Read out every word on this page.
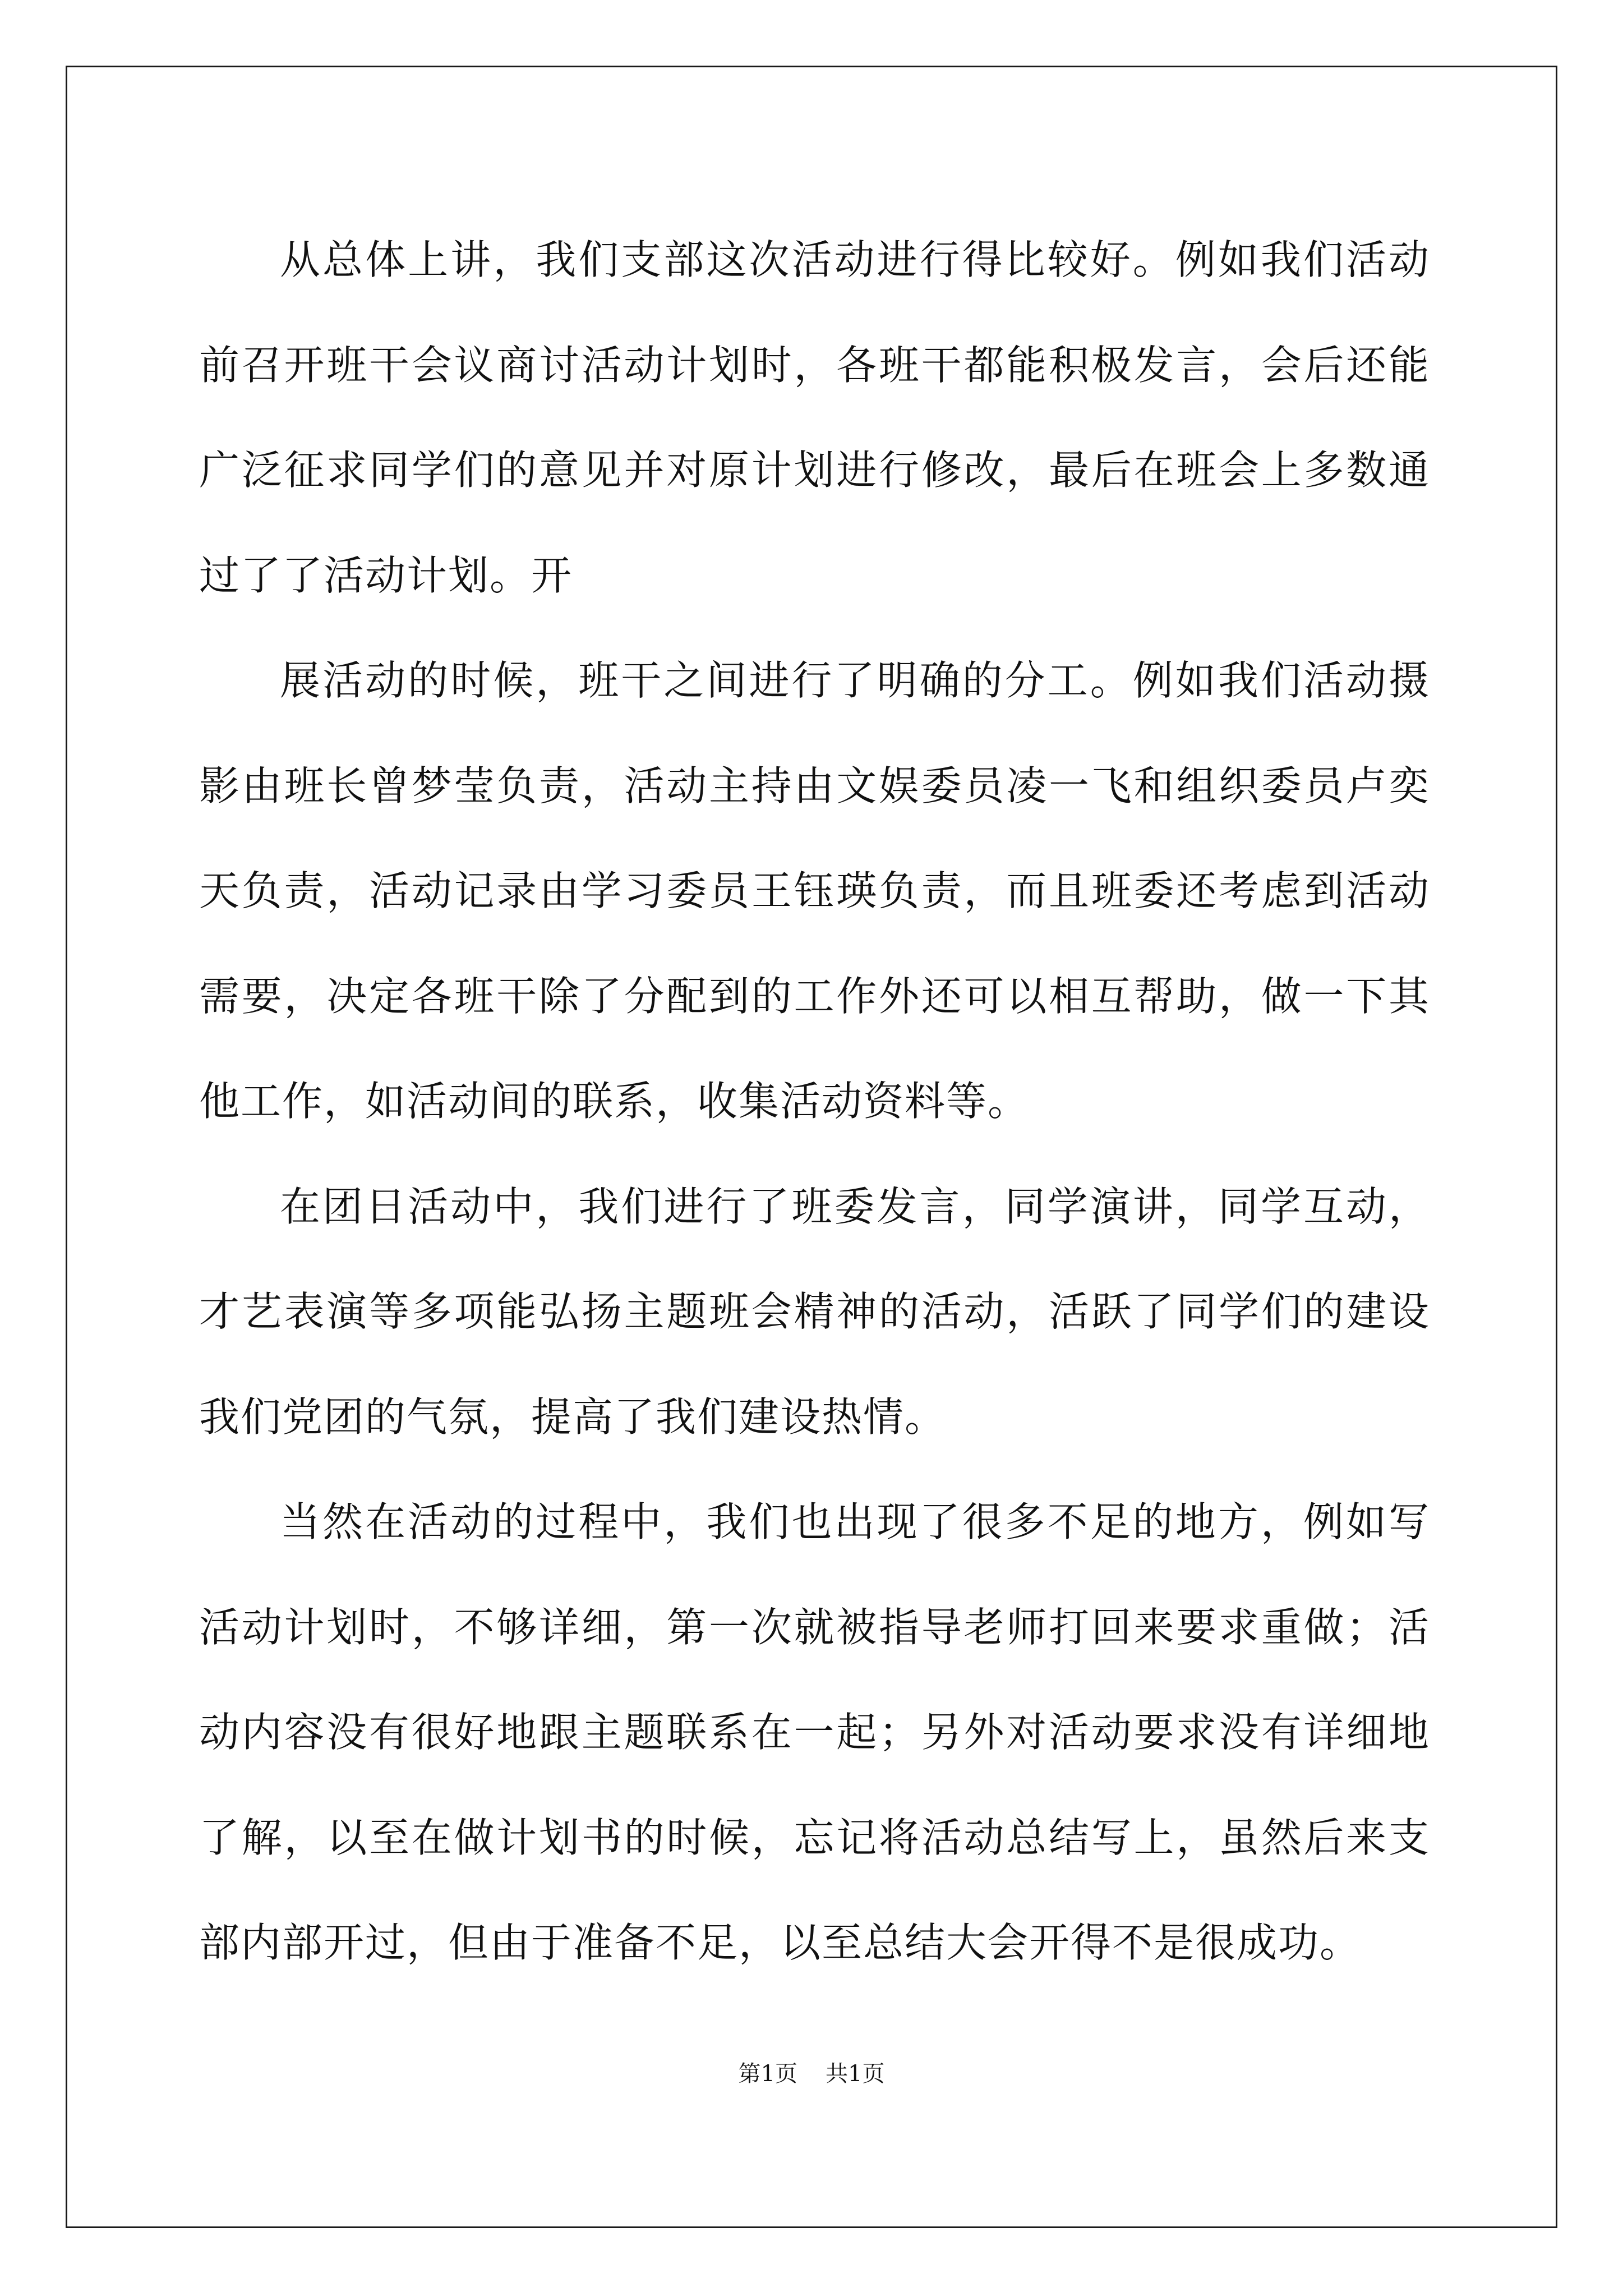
从总体上讲，我们支部这次活动进行得比较好。例如我们活动前召开班干会议商讨活动计划时，各班干都能积极发言，会后还能广泛征求同学们的意见并对原计划进行修改，最后在班会上多数通过了了活动计划。开

展活动的时候，班干之间进行了明确的分工。例如我们活动摄影由班长曾梦莹负责，活动主持由文娱委员凌一飞和组织委员卢奕天负责，活动记录由学习委员王钰瑛负责，而且班委还考虑到活动需要，决定各班干除了分配到的工作外还可以相互帮助，做一下其他工作，如活动间的联系，收集活动资料等。

在团日活动中，我们进行了班委发言，同学演讲，同学互动，才艺表演等多项能弘扬主题班会精神的活动，活跃了同学们的建设我们党团的气氛，提高了我们建设热情。

当然在活动的过程中，我们也出现了很多不足的地方，例如写活动计划时，不够详细，第一次就被指导老师打回来要求重做；活动内容没有很好地跟主题联系在一起；另外对活动要求没有详细地了解，以至在做计划书的时候，忘记将活动总结写上，虽然后来支部内部开过，但由于准备不足，以至总结大会开得不是很成功。

第1页 共1页
